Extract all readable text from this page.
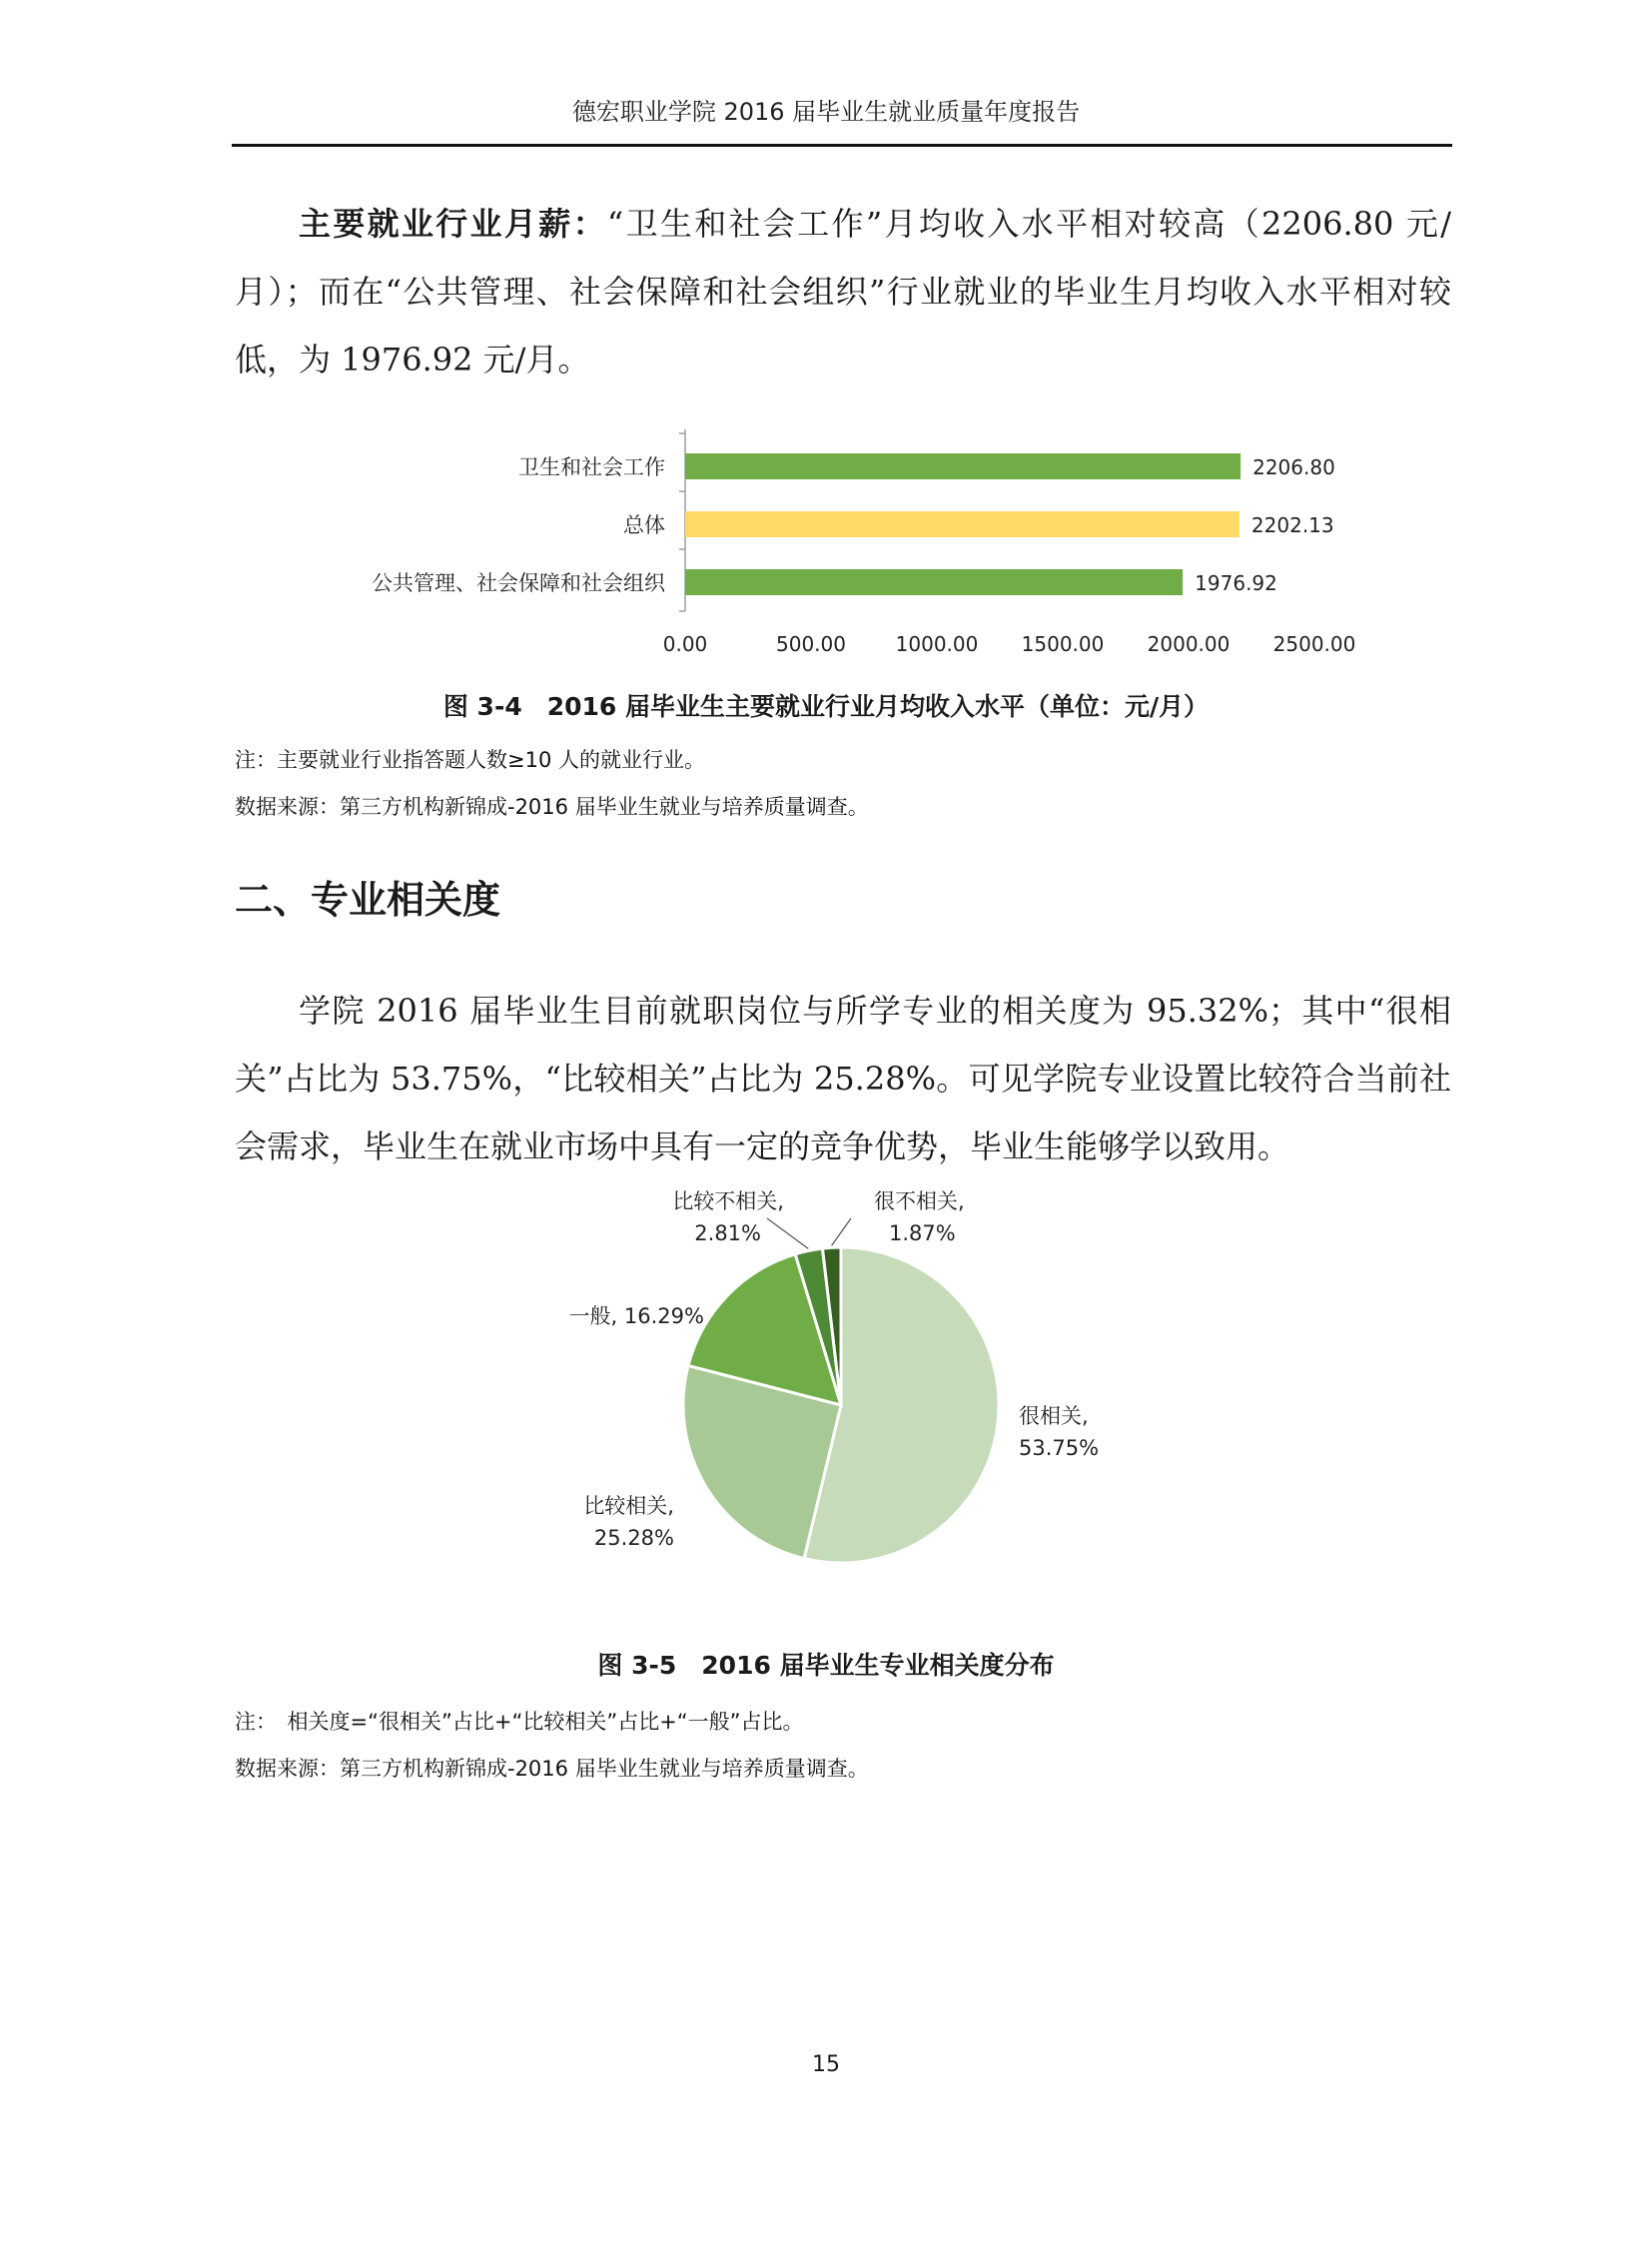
德宏职业学院 2016 届毕业生就业质量年度报告

主要就业行业月薪：“卫生和社会工作”月均收入水平相对较高（2206.80 元/月）；而在“公共管理、社会保障和社会组织”行业就业的毕业生月均收入水平相对较低，为 1976.92 元/月。

卫生和社会工作	2206.80
总体	2202.13
公共管理、社会保障和社会组织	1976.92
0.00	500.00 1000.00 1500.00 2000.00 2500.00
图 3-4　2016 届毕业生主要就业行业月均收入水平（单位：元/月）
注：主要就业行业指答题人数≥10 人的就业行业。
数据来源：第三方机构新锦成-2016 届毕业生就业与培养质量调查。
二、专业相关度

学院 2016 届毕业生目前就职岗位与所学专业的相关度为 95.32%；其中“很相关”占比为 53.75%，“比较相关”占比为 25.28%。可见学院专业设置比较符合当前社会需求，毕业生在就业市场中具有一定的竞争优势，毕业生能够学以致用。

很相关,
53.75%
比较相关,
25.28%
一般, 16.29%
比较不相关,
2.81%
很不相关,
1.87%
图 3-5　2016 届毕业生专业相关度分布
注：　相关度=“很相关”占比+“比较相关”占比+“一般”占比。
数据来源：第三方机构新锦成-2016 届毕业生就业与培养质量调查。
15
